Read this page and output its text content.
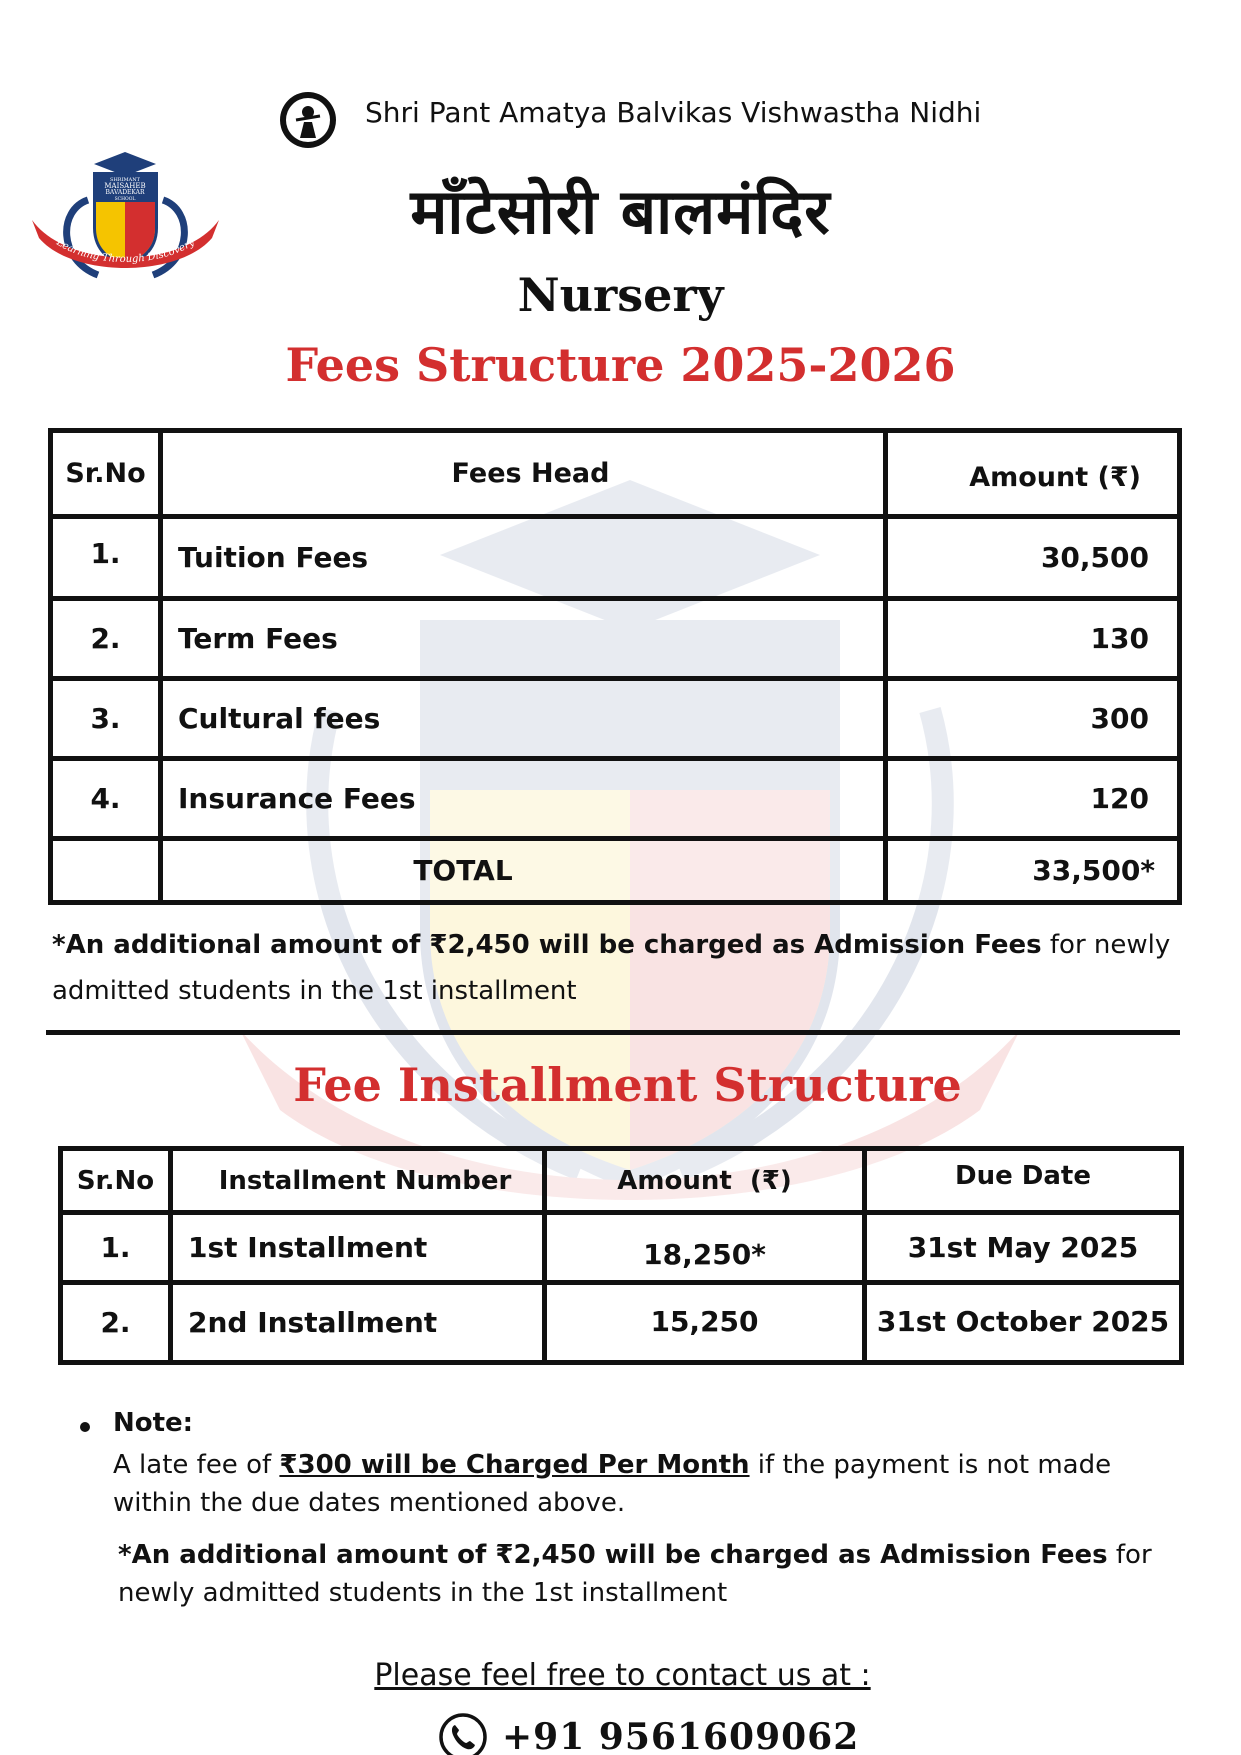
Shri Pant Amatya Balvikas Vishwastha Nidhi
SHRIMANT
MAISAHEB
BAVADEKAR
SCHOOL
Learning Through Discovery	माँटेसोरी बालमंदिर
Nursery
Fees Structure 2025-2026
Sr.No	Fees Head	Amount (₹)
1.	Tuition Fees	30,500
2.	Term Fees	130
3.	Cultural fees	300
4.	Insurance Fees	120
	TOTAL	33,500*
*An additional amount of ₹2,450 will be charged as Admission Fees for newly admitted students in the 1st installment
Fee Installment Structure
Sr.No	Installment Number	Amount  (₹)	Due Date
1.	1st Installment	18,250*	31st May 2025
2.	2nd Installment	15,250	31st October 2025
Note:
A late fee of ₹300 will be Charged Per Month if the payment is not made within the due dates mentioned above.
*An additional amount of ₹2,450 will be charged as Admission Fees for newly admitted students in the 1st installment
Please feel free to contact us at :
+91 9561609062
